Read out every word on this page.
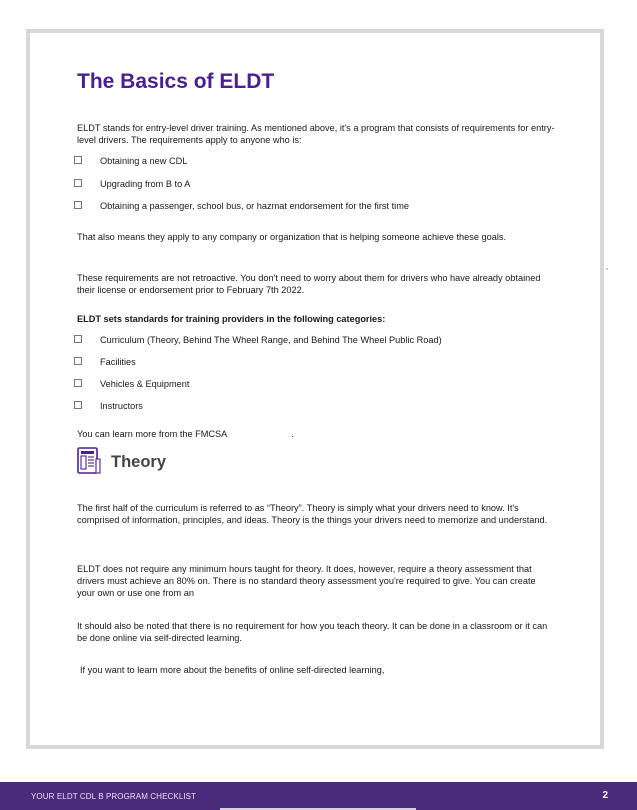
The Basics of ELDT

ELDT stands for entry-level driver training. As mentioned above, it's a program that consists of requirements for entry-level drivers. The requirements apply to anyone who is:

Obtaining a new CDL
Upgrading from B to A
Obtaining a passenger, school bus, or hazmat endorsement for the first time

That also means they apply to any company or organization that is helping someone achieve these goals.

These requirements are not retroactive. You don't need to worry about them for drivers who have already obtained their license or endorsement prior to February 7th 2022.

ELDT sets standards for training providers in the following categories:

Curriculum (Theory, Behind The Wheel Range, and Behind The Wheel Public Road)
Facilities
Vehicles & Equipment
Instructors

You can learn more from the FMCSA	.

Theory

The first half of the curriculum is referred to as “Theory”. Theory is simply what your drivers need to know. It's comprised of information, principles, and ideas. Theory is the things your drivers need to memorize and understand.

ELDT does not require any minimum hours taught for theory. It does, however, require a theory assessment that drivers must achieve an 80% on. There is no standard theory assessment you're required to give. You can create your own or use one from an

It should also be noted that there is no requirement for how you teach theory. It can be done in a classroom or it can be done online via self-directed learning.

If you want to learn more about the benefits of online self-directed learning,

YOUR ELDT CDL B PROGRAM CHECKLIST	2
